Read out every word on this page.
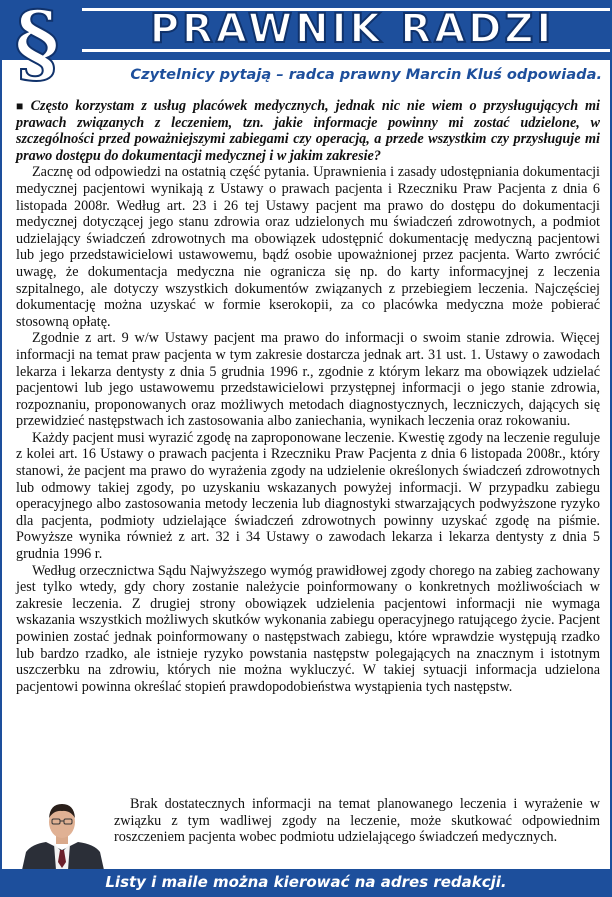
PRAWNIK RADZI
§	Czytelnicy pytają – radca prawny Marcin Kluś odpowiada.

■ Często korzystam z usług placówek medycznych, jednak nic nie wiem o przysługujących mi prawach związanych z leczeniem, tzn. jakie informacje powinny mi zostać udzielone, w szczególności przed poważniejszymi zabiegami czy operacją, a przede wszystkim czy przysługuje mi prawo dostępu do dokumentacji medycznej i w jakim zakresie?

Zacznę od odpowiedzi na ostatnią część pytania. Uprawnienia i zasady udostępniania dokumentacji medycznej pacjentowi wynikają z Ustawy o prawach pacjenta i Rzeczniku Praw Pacjenta z dnia 6 listopada 2008r. Według art. 23 i 26 tej Ustawy pacjent ma prawo do dostępu do dokumentacji medycznej dotyczącej jego stanu zdrowia oraz udzielonych mu świadczeń zdrowotnych, a podmiot udzielający świadczeń zdrowotnych ma obowiązek udostępnić dokumentację medyczną pacjentowi lub jego przedstawicielowi ustawowemu, bądź osobie upoważnionej przez pacjenta. Warto zwrócić uwagę, że dokumentacja medyczna nie ogranicza się np. do karty informacyjnej z leczenia szpitalnego, ale dotyczy wszystkich dokumentów związanych z przebiegiem leczenia. Najczęściej dokumentację można uzyskać w formie kserokopii, za co placówka medyczna może pobierać stosowną opłatę.

Zgodnie z art. 9 w/w Ustawy pacjent ma prawo do informacji o swoim stanie zdrowia. Więcej informacji na temat praw pacjenta w tym zakresie dostarcza jednak art. 31 ust. 1. Ustawy o zawodach lekarza i lekarza dentysty z dnia 5 grudnia 1996 r., zgodnie z którym lekarz ma obowiązek udzielać pacjentowi lub jego ustawowemu przedstawicielowi przystępnej informacji o jego stanie zdrowia, rozpoznaniu, proponowanych oraz możliwych metodach diagnostycznych, leczniczych, dających się przewidzieć następstwach ich zastosowania albo zaniechania, wynikach leczenia oraz rokowaniu.

Każdy pacjent musi wyrazić zgodę na zaproponowane leczenie. Kwestię zgody na leczenie reguluje z kolei art. 16 Ustawy o prawach pacjenta i Rzeczniku Praw Pacjenta z dnia 6 listopada 2008r., który stanowi, że pacjent ma prawo do wyrażenia zgody na udzielenie określonych świadczeń zdrowotnych lub odmowy takiej zgody, po uzyskaniu wskazanych powyżej informacji. W przypadku zabiegu operacyjnego albo zastosowania metody leczenia lub diagnostyki stwarzających podwyższone ryzyko dla pacjenta, podmioty udzielające świadczeń zdrowotnych powinny uzyskać zgodę na piśmie. Powyższe wynika również z art. 32 i 34 Ustawy o zawodach lekarza i lekarza dentysty z dnia 5 grudnia 1996 r.

Według orzecznictwa Sądu Najwyższego wymóg prawidłowej zgody chorego na zabieg zachowany jest tylko wtedy, gdy chory zostanie należycie poinformowany o konkretnych możliwościach w zakresie leczenia. Z drugiej strony obowiązek udzielenia pacjentowi informacji nie wymaga wskazania wszystkich możliwych skutków wykonania zabiegu operacyjnego ratującego życie. Pacjent powinien zostać jednak poinformowany o następstwach zabiegu, które wprawdzie występują rzadko lub bardzo rzadko, ale istnieje ryzyko powstania następstw polegających na znacznym i istotnym uszczerbku na zdrowiu, których nie można wykluczyć. W takiej sytuacji informacja udzielona pacjentowi powinna określać stopień prawdopodobieństwa wystąpienia tych następstw.

Brak dostatecznych informacji na temat planowanego leczenia i wyrażenie w związku z tym wadliwej zgody na leczenie, może skutkować odpowiednim roszczeniem pacjenta wobec podmiotu udzielającego świadczeń medycznych.

Listy i maile można kierować na adres redakcji.
